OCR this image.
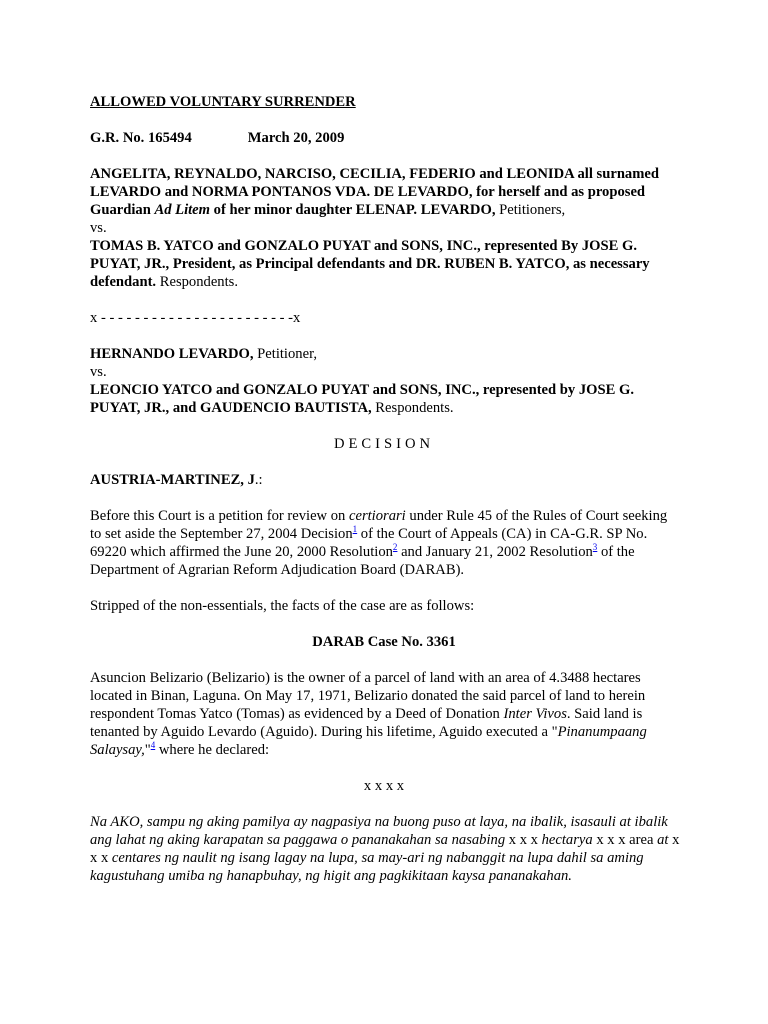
ALLOWED VOLUNTARY SURRENDER

G.R. No. 165494	March 20, 2009

ANGELITA, REYNALDO, NARCISO, CECILIA, FEDERIO and LEONIDA all surnamed LEVARDO and NORMA PONTANOS VDA. DE LEVARDO, for herself and as proposed Guardian Ad Litem of her minor daughter ELENAP. LEVARDO, Petitioners,

vs.

TOMAS B. YATCO and GONZALO PUYAT and SONS, INC., represented By JOSE G. PUYAT, JR., President, as Principal defendants and DR. RUBEN B. YATCO, as necessary defendant. Respondents.

x - - - - - - - - - - - - - - - - - - - - - - -x

HERNANDO LEVARDO, Petitioner,

vs.

LEONCIO YATCO and GONZALO PUYAT and SONS, INC., represented by JOSE G. PUYAT, JR., and GAUDENCIO BAUTISTA, Respondents.

DECISION

AUSTRIA-MARTINEZ, J.:

Before this Court is a petition for review on certiorari under Rule 45 of the Rules of Court seeking to set aside the September 27, 2004 Decision$^1$ of the Court of Appeals (CA) in CA-G.R. SP No. 69220 which affirmed the June 20, 2000 Resolution$^2$ and January 21, 2002 Resolution$^3$ of the Department of Agrarian Reform Adjudication Board (DARAB).

Stripped of the non-essentials, the facts of the case are as follows:

DARAB Case No. 3361

Asuncion Belizario (Belizario) is the owner of a parcel of land with an area of 4.3488 hectares located in Binan, Laguna. On May 17, 1971, Belizario donated the said parcel of land to herein respondent Tomas Yatco (Tomas) as evidenced by a Deed of Donation Inter Vivos. Said land is tenanted by Aguido Levardo (Aguido). During his lifetime, Aguido executed a "Pinanumpaang Salaysay,"$^4$ where he declared:

x x x x

Na AKO, sampu ng aking pamilya ay nagpasiya na buong puso at laya, na ibalik, isasauli at ibalik ang lahat ng aking karapatan sa paggawa o pananakahan sa nasabing x x x hectarya x x x area at x x x centares ng naulit ng isang lagay na lupa, sa may-ari ng nabanggit na lupa dahil sa aming kagustuhang umiba ng hanapbuhay, ng higit ang pagkikitaan kaysa pananakahan.
